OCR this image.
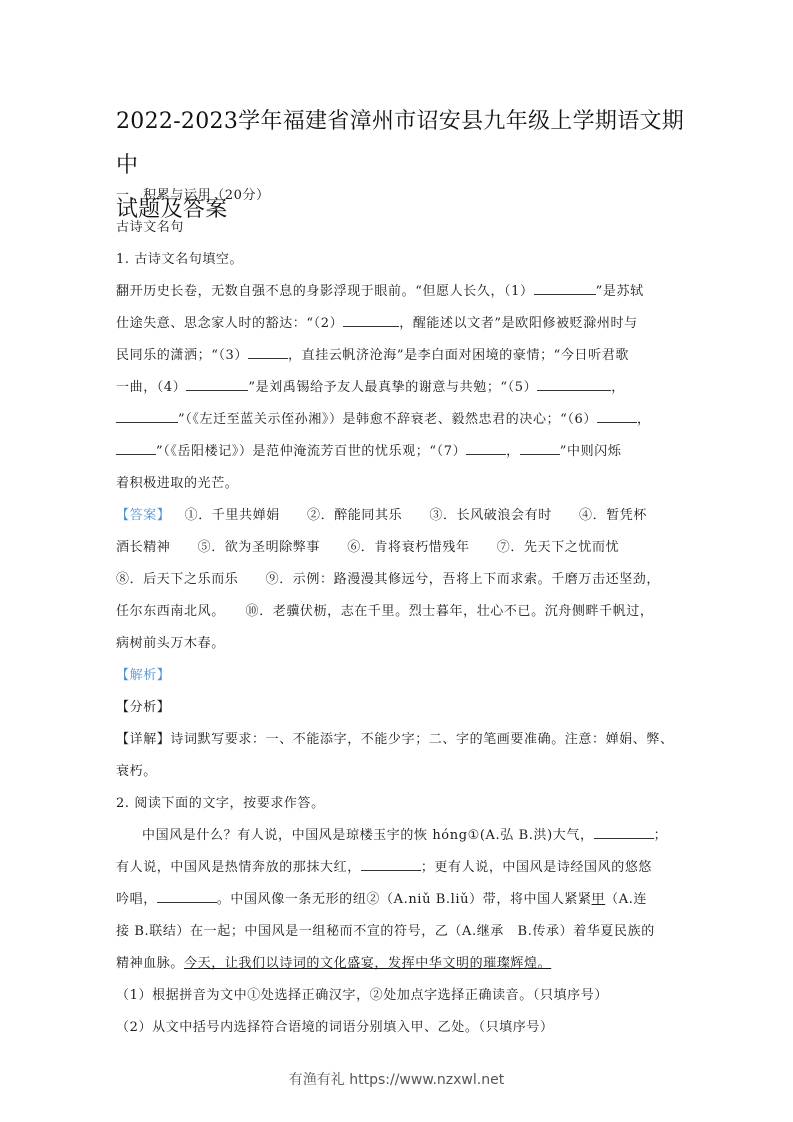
2022-2023学年福建省漳州市诏安县九年级上学期语文期中
试题及答案
一、积累与运用（20分）
古诗文名句
1. 古诗文名句填空。
翻开历史长卷，无数自强不息的身影浮现于眼前。“但愿人长久，（1）	”是苏轼
仕途失意、思念家人时的豁达：“（2）	，醒能述以文者”是欧阳修被贬滁州时与
民同乐的潇洒；“（3）	，直挂云帆济沧海”是李白面对困境的豪情；“今日听君歌
一曲，（4）	”是刘禹锡给予友人最真挚的谢意与共勉；“（5）	，
”（《左迁至蓝关示侄孙湘》）是韩愈不辞衰老、毅然忠君的决心；“（6）	，
”（《岳阳楼记》）是范仲淹流芳百世的忧乐观；“（7）	，	”中则闪烁
着积极进取的光芒。
【答案】 ①．千里共婵娟　　②．醉能同其乐　　③．长风破浪会有时　　④．暂凭杯
酒长精神　　⑤．欲为圣明除弊事　　⑥．肯将衰朽惜残年　　⑦．先天下之忧而忧
⑧．后天下之乐而乐　　⑨．示例：路漫漫其修远兮，吾将上下而求索。千磨万击还坚劲，
任尔东西南北风。　　⑩．老骥伏枥，志在千里。烈士暮年，壮心不已。沉舟侧畔千帆过，
病树前头万木春。
【解析】
【分析】
【详解】诗词默写要求：一、不能添字，不能少字；二、字的笔画要准确。注意：婵娟、弊、
衰朽。
2. 阅读下面的文字，按要求作答。
中国风是什么？有人说，中国风是琼楼玉宇的恢 hóng①(A.弘 B.洪)大气，	；
有人说，中国风是热情奔放的那抹大红，	；更有人说，中国风是诗经国风的悠悠
吟唱，	。中国风像一条无形的纽②（A.niǔ B.liǔ）带，将中国人紧紧甲（A.连
接 B.联结）在一起；中国风是一组秘而不宣的符号，乙（A.继承　B.传承）着华夏民族的
精神血脉。今天，让我们以诗词的文化盛宴，发挥中华文明的璀璨辉煌。
（1）根据拼音为文中①处选择正确汉字，②处加点字选择正确读音。（只填序号）
（2）从文中括号内选择符合语境的词语分别填入甲、乙处。（只填序号）
有渔有礼 https://www.nzxwl.net
